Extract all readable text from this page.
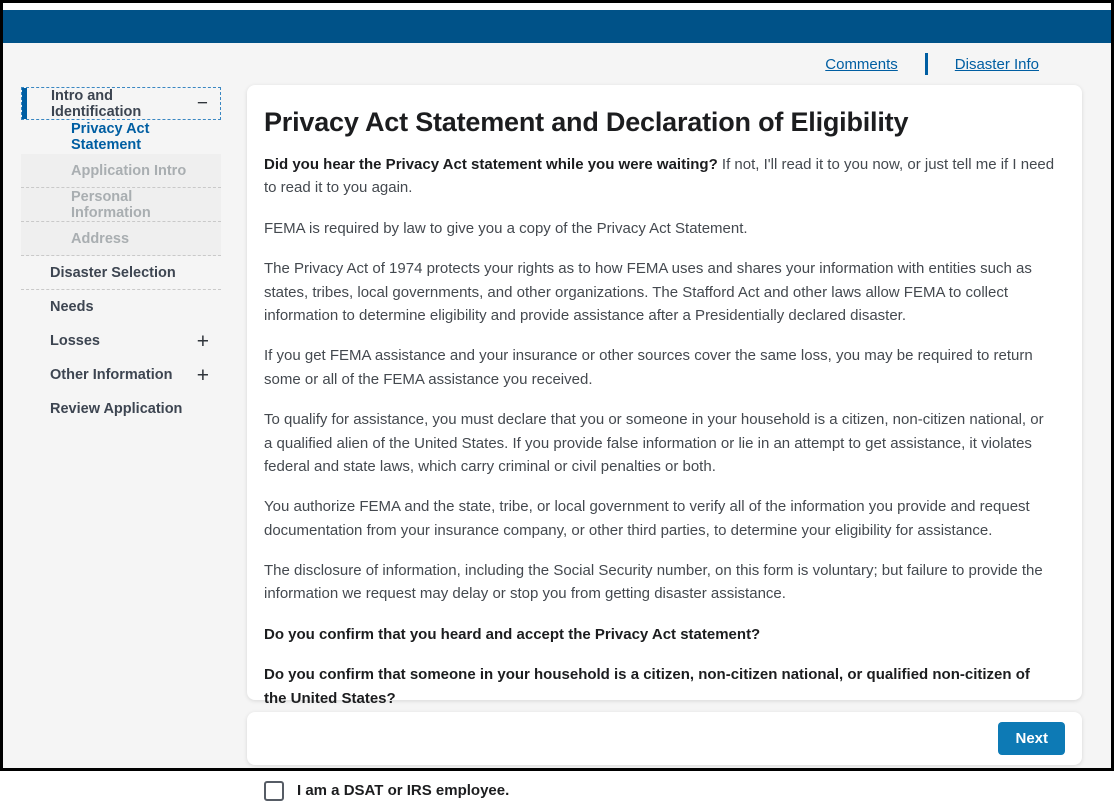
Comments	Disaster Info
Intro and Identification	−
Privacy Act Statement
Application Intro
Personal Information
Address
Disaster Selection
Needs
Losses	+
Other Information +
Review Application
Privacy Act Statement and Declaration of Eligibility

Did you hear the Privacy Act statement while you were waiting? If not, I'll read it to you now, or just tell me if I need to read it to you again.

FEMA is required by law to give you a copy of the Privacy Act Statement.

The Privacy Act of 1974 protects your rights as to how FEMA uses and shares your information with entities such as states, tribes, local governments, and other organizations. The Stafford Act and other laws allow FEMA to collect information to determine eligibility and provide assistance after a Presidentially declared disaster.

If you get FEMA assistance and your insurance or other sources cover the same loss, you may be required to return some or all of the FEMA assistance you received.

To qualify for assistance, you must declare that you or someone in your household is a citizen, non-citizen national, or a qualified alien of the United States. If you provide false information or lie in an attempt to get assistance, it violates federal and state laws, which carry criminal or civil penalties or both.

You authorize FEMA and the state, tribe, or local government to verify all of the information you provide and request documentation from your insurance company, or other third parties, to determine your eligibility for assistance.

The disclosure of information, including the Social Security number, on this form is voluntary; but failure to provide the information we request may delay or stop you from getting disaster assistance.

Do you confirm that you heard and accept the Privacy Act statement?

Do you confirm that someone in your household is a citizen, non-citizen national, or qualified non-citizen of the United States?

I am a DSAT or IRS employee.
Next
